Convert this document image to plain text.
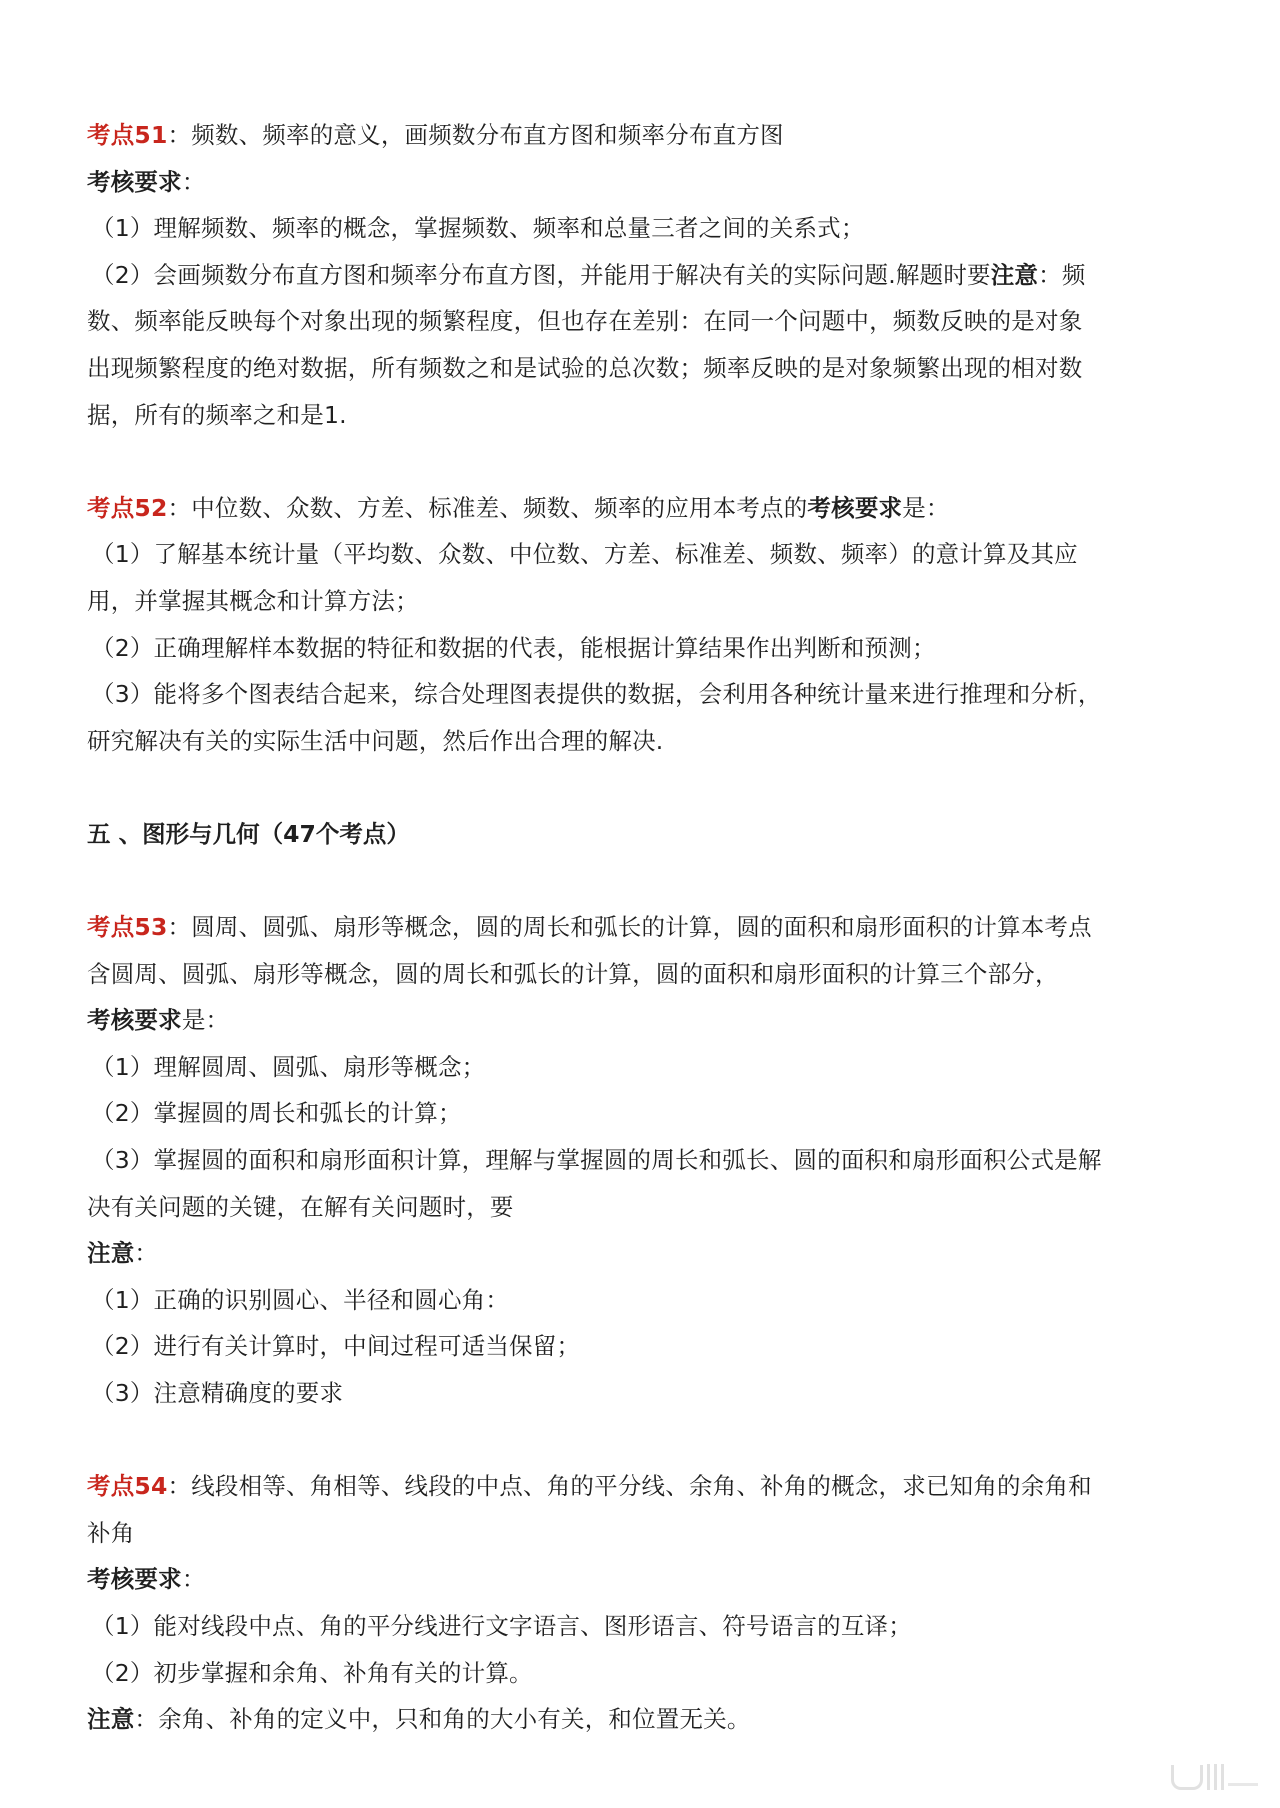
考点51：频数、频率的意义，画频数分布直方图和频率分布直方图
考核要求：
（1）理解频数、频率的概念，掌握频数、频率和总量三者之间的关系式；
（2）会画频数分布直方图和频率分布直方图，并能用于解决有关的实际问题.解题时要注意：频
数、频率能反映每个对象出现的频繁程度，但也存在差别：在同一个问题中，频数反映的是对象
出现频繁程度的绝对数据，所有频数之和是试验的总次数；频率反映的是对象频繁出现的相对数
据，所有的频率之和是1.
考点52：中位数、众数、方差、标准差、频数、频率的应用本考点的考核要求是：
（1）了解基本统计量（平均数、众数、中位数、方差、标准差、频数、频率）的意计算及其应
用，并掌握其概念和计算方法；
（2）正确理解样本数据的特征和数据的代表，能根据计算结果作出判断和预测；
（3）能将多个图表结合起来，综合处理图表提供的数据，会利用各种统计量来进行推理和分析，
研究解决有关的实际生活中问题，然后作出合理的解决.
五 、图形与几何（47个考点）
考点53：圆周、圆弧、扇形等概念，圆的周长和弧长的计算，圆的面积和扇形面积的计算本考点
含圆周、圆弧、扇形等概念，圆的周长和弧长的计算，圆的面积和扇形面积的计算三个部分，
考核要求是：
（1）理解圆周、圆弧、扇形等概念；
（2）掌握圆的周长和弧长的计算；
（3）掌握圆的面积和扇形面积计算，理解与掌握圆的周长和弧长、圆的面积和扇形面积公式是解
决有关问题的关键，在解有关问题时，要
注意：
（1）正确的识别圆心、半径和圆心角：
（2）进行有关计算时，中间过程可适当保留；
（3）注意精确度的要求
考点54：线段相等、角相等、线段的中点、角的平分线、余角、补角的概念，求已知角的余角和
补角
考核要求：
（1）能对线段中点、角的平分线进行文字语言、图形语言、符号语言的互译；
（2）初步掌握和余角、补角有关的计算。
注意：余角、补角的定义中，只和角的大小有关，和位置无关。
